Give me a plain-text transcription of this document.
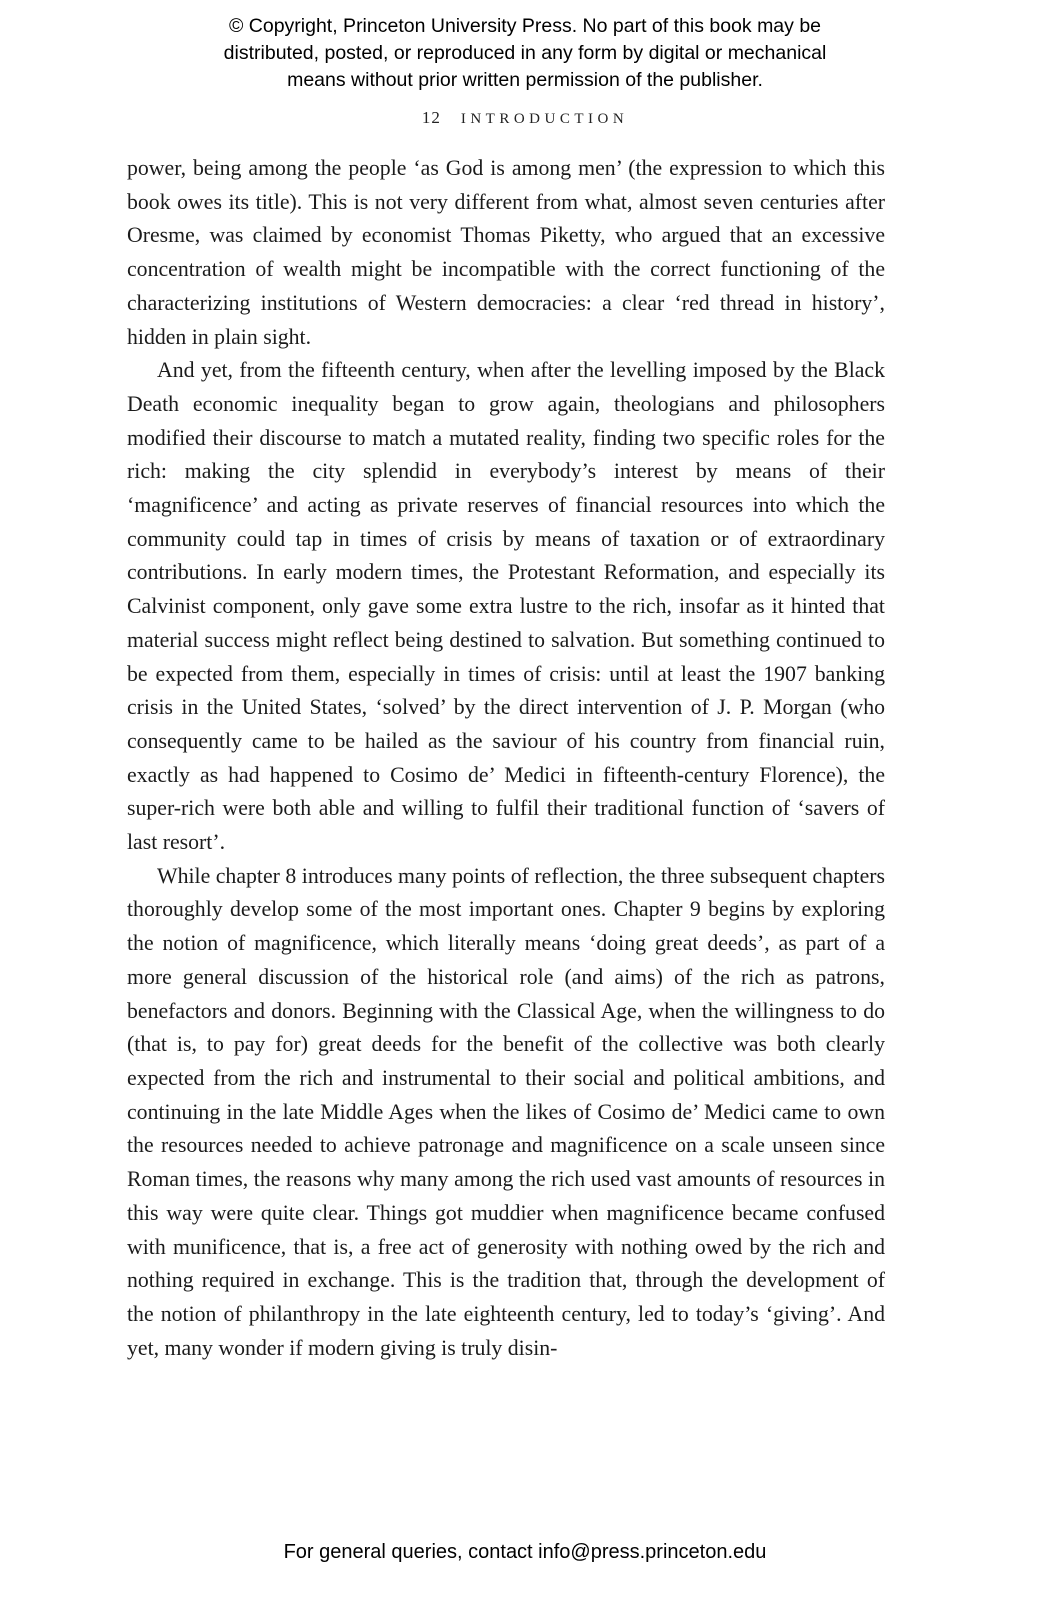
© Copyright, Princeton University Press. No part of this book may be
distributed, posted, or reproduced in any form by digital or mechanical
means without prior written permission of the publisher.
12 INTRODUCTION

power, being among the people ‘as God is among men’ (the expression to which this book owes its title). This is not very different from what, almost seven centuries after Oresme, was claimed by economist Thomas Piketty, who argued that an excessive concentration of wealth might be incompatible with the correct functioning of the characterizing institutions of Western democracies: a clear ‘red thread in history’, hidden in plain sight.

And yet, from the fifteenth century, when after the levelling imposed by the Black Death economic inequality began to grow again, theologians and philosophers modified their discourse to match a mutated reality, finding two specific roles for the rich: making the city splendid in everybody’s interest by means of their ‘magnificence’ and acting as private reserves of financial resources into which the community could tap in times of crisis by means of taxation or of extraordinary contributions. In early modern times, the Protestant Reformation, and especially its Calvinist component, only gave some extra lustre to the rich, insofar as it hinted that material success might reflect being destined to salvation. But something continued to be expected from them, especially in times of crisis: until at least the 1907 banking crisis in the United States, ‘solved’ by the direct intervention of J. P. Morgan (who consequently came to be hailed as the saviour of his country from financial ruin, exactly as had happened to Cosimo de’ Medici in fifteenth-century Florence), the super-rich were both able and willing to fulfil their traditional function of ‘savers of last resort’.

While chapter 8 introduces many points of reflection, the three subsequent chapters thoroughly develop some of the most important ones. Chapter 9 begins by exploring the notion of magnificence, which literally means ‘doing great deeds’, as part of a more general discussion of the historical role (and aims) of the rich as patrons, benefactors and donors. Beginning with the Classical Age, when the willingness to do (that is, to pay for) great deeds for the benefit of the collective was both clearly expected from the rich and instrumental to their social and political ambitions, and continuing in the late Middle Ages when the likes of Cosimo de’ Medici came to own the resources needed to achieve patronage and magnificence on a scale unseen since Roman times, the reasons why many among the rich used vast amounts of resources in this way were quite clear. Things got muddier when magnificence became confused with munificence, that is, a free act of generosity with nothing owed by the rich and nothing required in exchange. This is the tradition that, through the development of the notion of philanthropy in the late eighteenth century, led to today’s ‘giving’. And yet, many wonder if modern giving is truly disin-

For general queries, contact info@press.princeton.edu
